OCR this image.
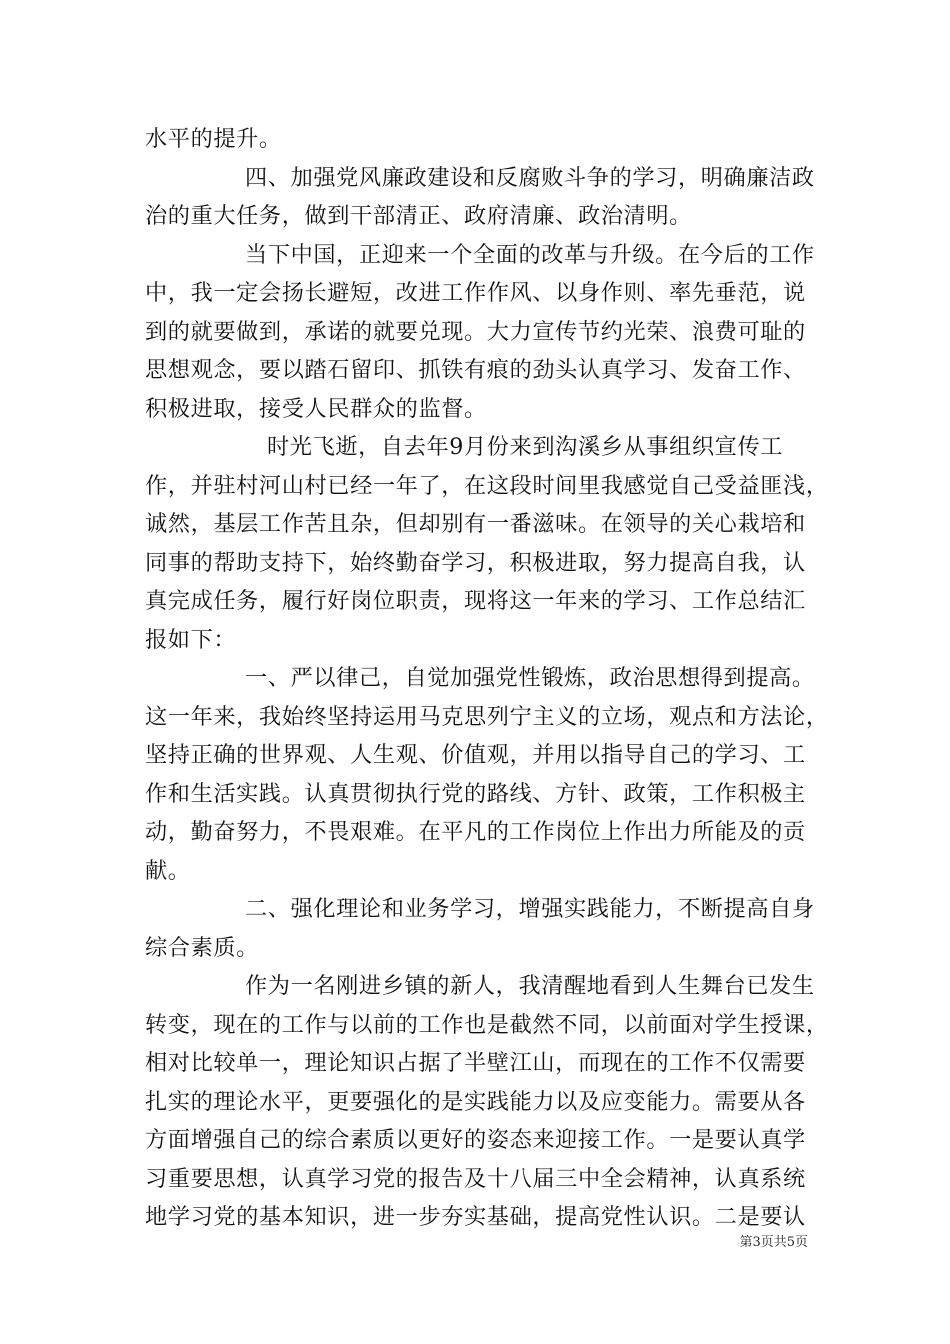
水平的提升。
四、加强党风廉政建设和反腐败斗争的学习，明确廉洁政
治的重大任务，做到干部清正、政府清廉、政治清明。
当下中国，正迎来一个全面的改革与升级。在今后的工作
中，我一定会扬长避短，改进工作作风、以身作则、率先垂范，说
到的就要做到，承诺的就要兑现。大力宣传节约光荣、浪费可耻的
思想观念，要以踏石留印、抓铁有痕的劲头认真学习、发奋工作、
积极进取，接受人民群众的监督。
时光飞逝，自去年9月份来到沟溪乡从事组织宣传工
作，并驻村河山村已经一年了，在这段时间里我感觉自己受益匪浅，
诚然，基层工作苦且杂，但却别有一番滋味。在领导的关心栽培和
同事的帮助支持下，始终勤奋学习，积极进取，努力提高自我，认
真完成任务，履行好岗位职责，现将这一年来的学习、工作总结汇
报如下：
一、严以律己，自觉加强党性锻炼，政治思想得到提高。
这一年来，我始终坚持运用马克思列宁主义的立场，观点和方法论，
坚持正确的世界观、人生观、价值观，并用以指导自己的学习、工
作和生活实践。认真贯彻执行党的路线、方针、政策，工作积极主
动，勤奋努力，不畏艰难。在平凡的工作岗位上作出力所能及的贡
献。
二、强化理论和业务学习，增强实践能力，不断提高自身
综合素质。
作为一名刚进乡镇的新人，我清醒地看到人生舞台已发生
转变，现在的工作与以前的工作也是截然不同，以前面对学生授课，
相对比较单一，理论知识占据了半壁江山，而现在的工作不仅需要
扎实的理论水平，更要强化的是实践能力以及应变能力。需要从各
方面增强自己的综合素质以更好的姿态来迎接工作。一是要认真学
习重要思想，认真学习党的报告及十八届三中全会精神，认真系统
地学习党的基本知识，进一步夯实基础，提高党性认识。二是要认
第3页共5页
